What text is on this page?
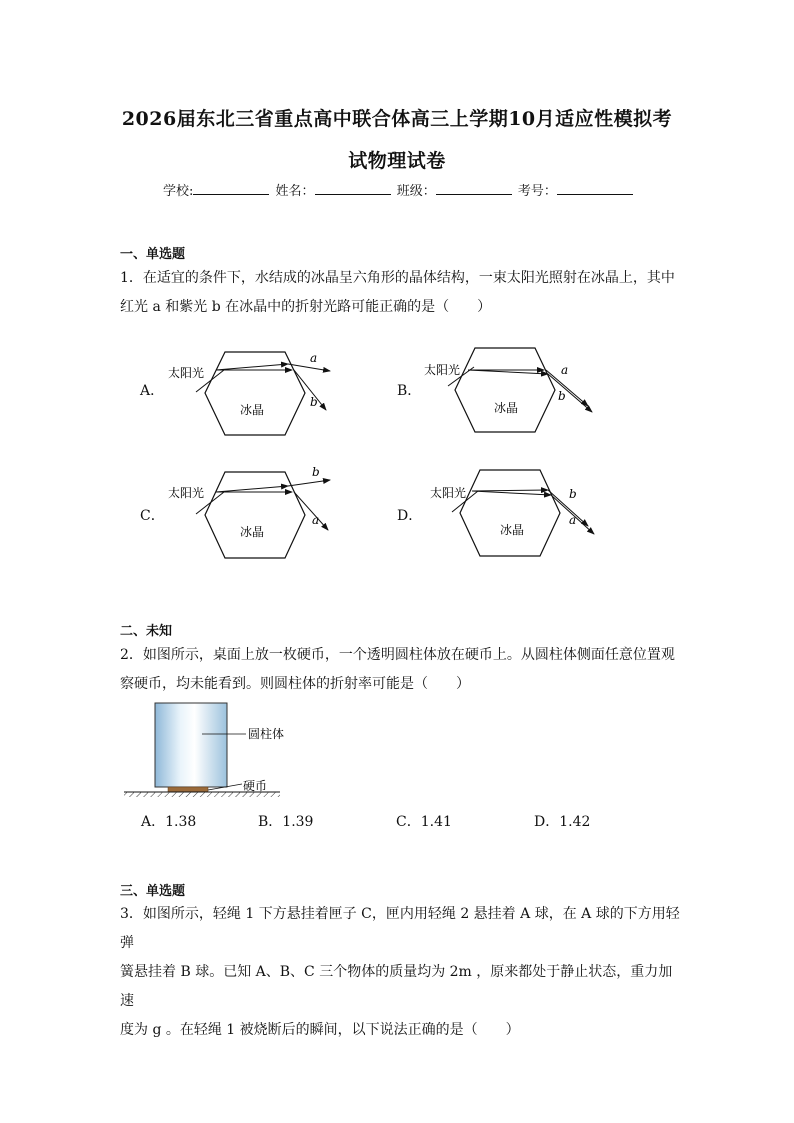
2026届东北三省重点高中联合体高三上学期10月适应性模拟考
试物理试卷
学校:	姓名：	班级：	考号：
一、单选题
1．在适宜的条件下，水结成的冰晶呈六角形的晶体结构，一束太阳光照射在冰晶上，其中
红光 a 和紫光 b 在冰晶中的折射光路可能正确的是（　　）
A．	B．
C．	D．
太阳光
冰晶
a
b
太阳光
冰晶
a
b
太阳光
冰晶
b
a
太阳光
冰晶
b
a
二、未知
2．如图所示，桌面上放一枚硬币，一个透明圆柱体放在硬币上。从圆柱体侧面任意位置观
察硬币，均未能看到。则圆柱体的折射率可能是（　　）
圆柱体
硬币
A．1.38	B．1.39	C．1.41	D．1.42
三、单选题
3．如图所示，轻绳 1 下方悬挂着匣子 C，匣内用轻绳 2 悬挂着 A 球，在 A 球的下方用轻弹
簧悬挂着 B 球。已知 A、B、C 三个物体的质量均为 2m ，原来都处于静止状态，重力加速
度为 g 。在轻绳 1 被烧断后的瞬间，以下说法正确的是（　　）
